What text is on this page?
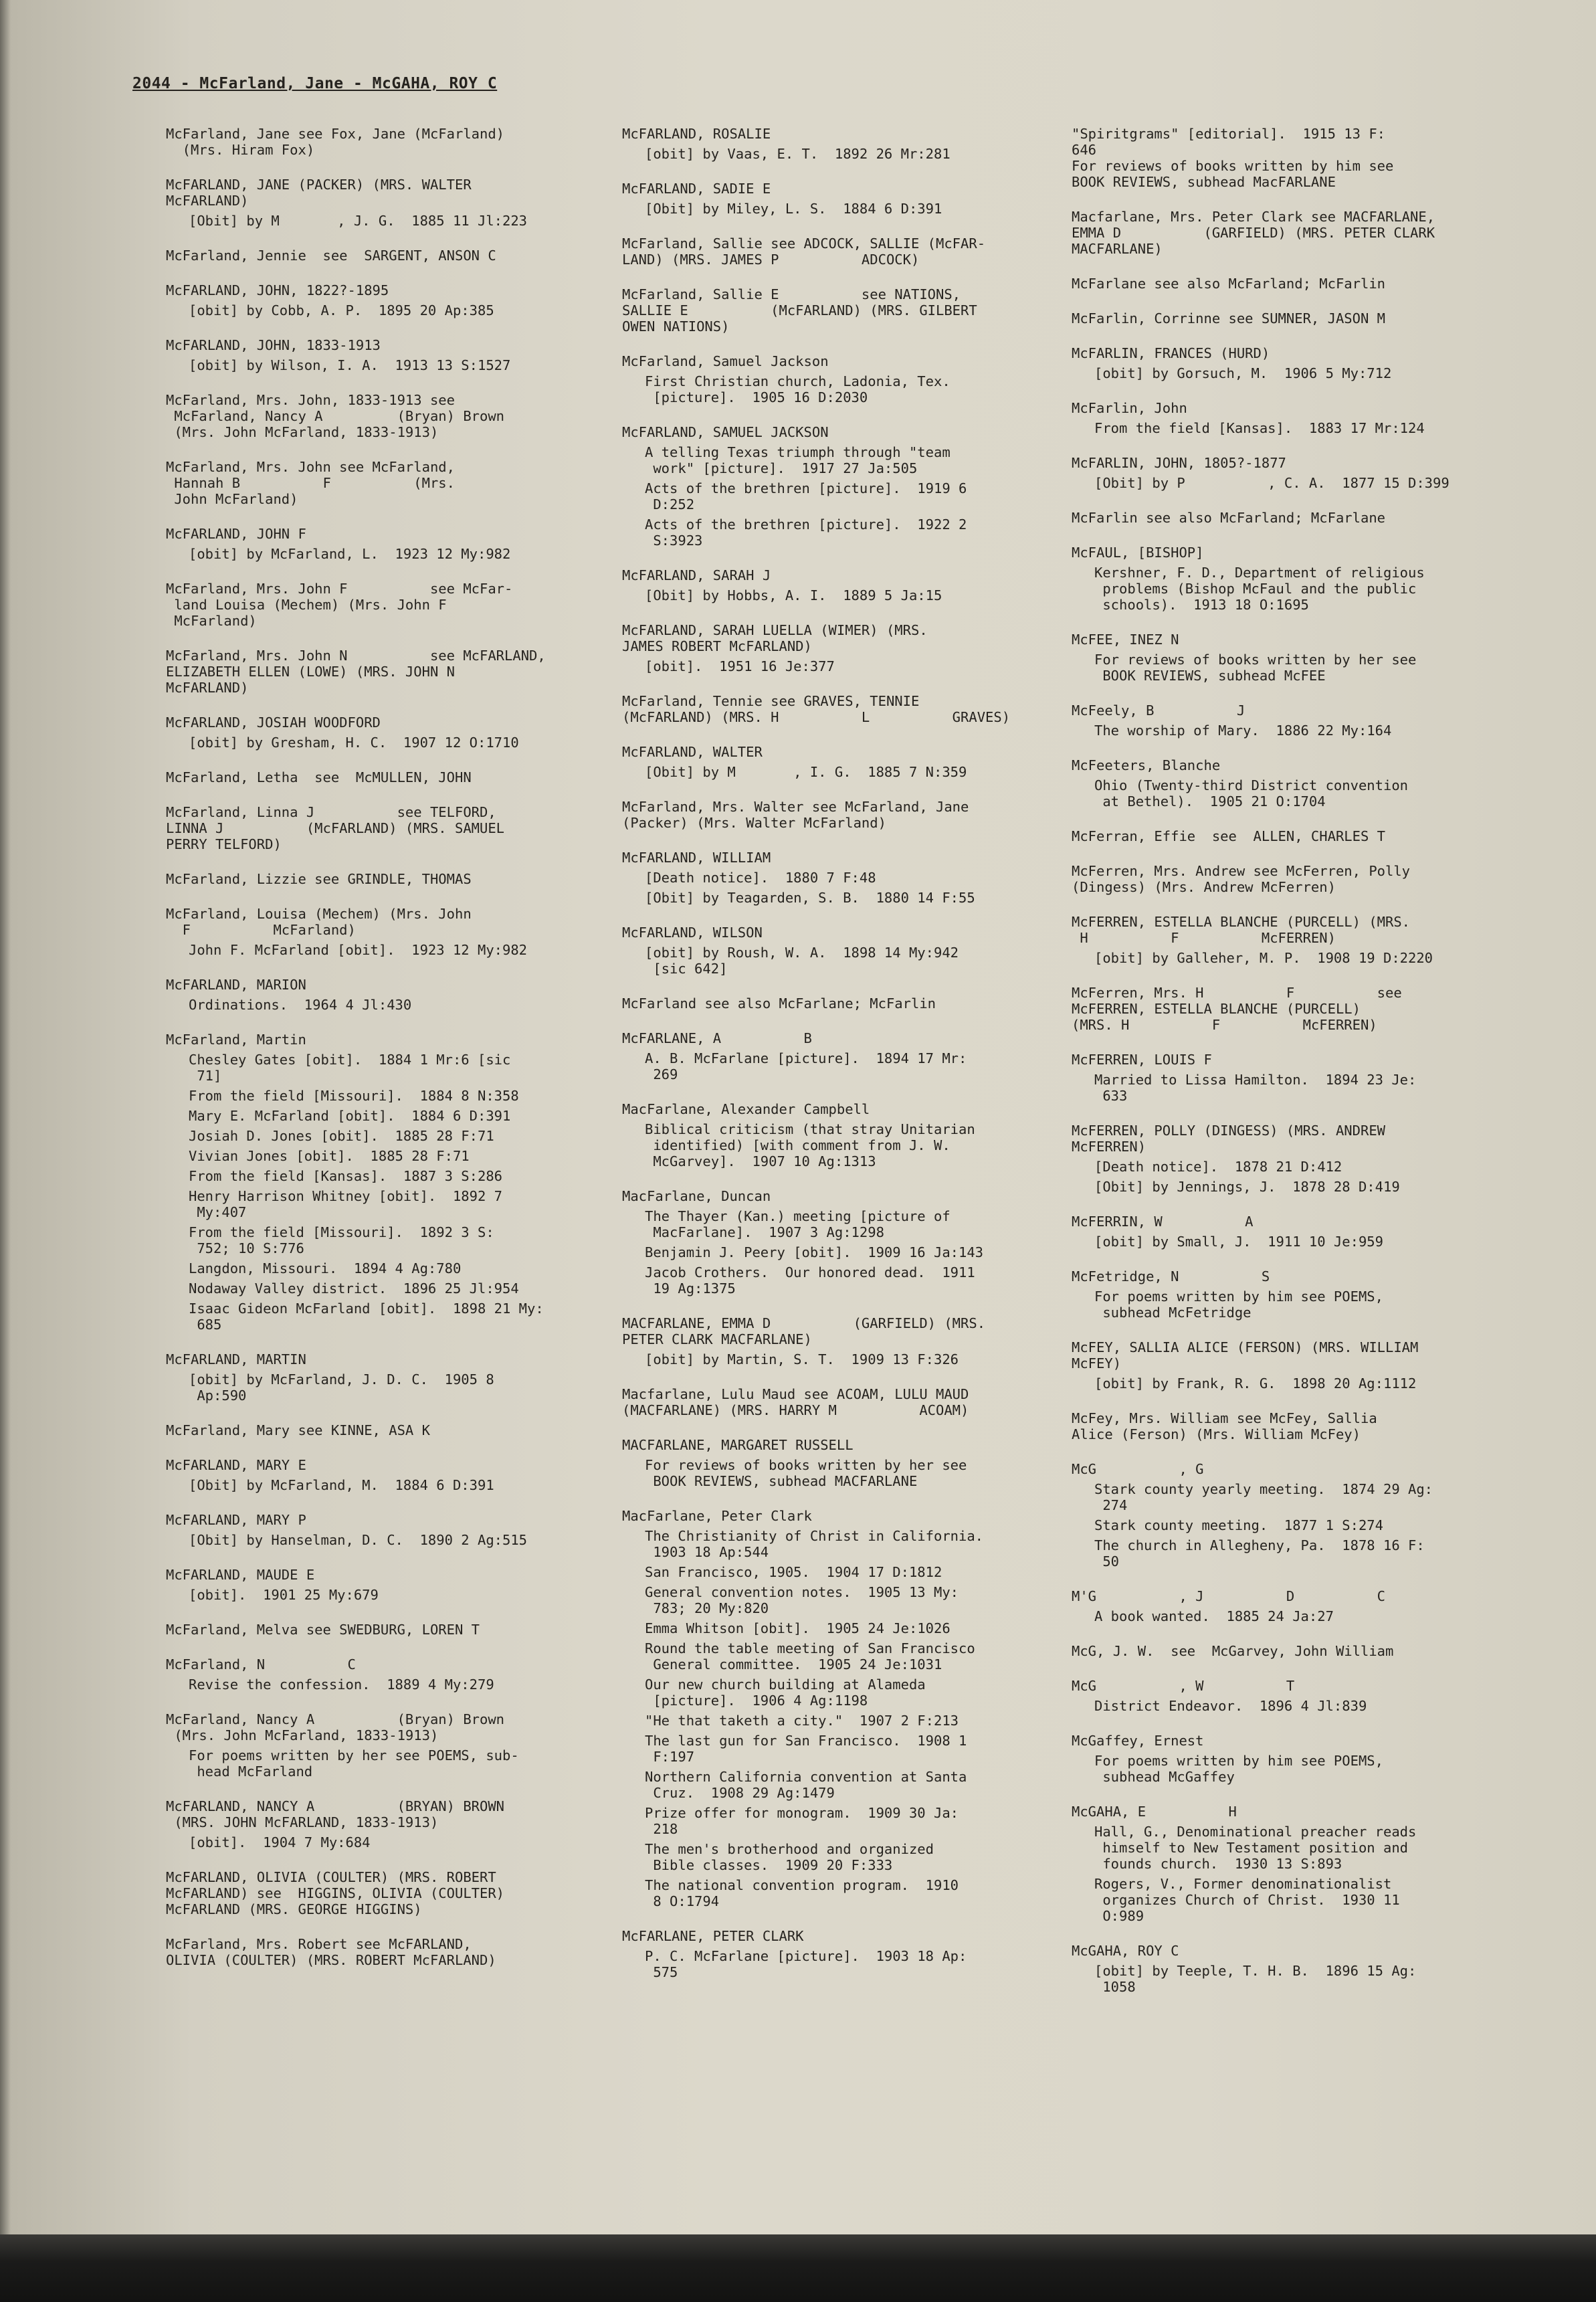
2044 - McFarland, Jane - McGAHA, ROY C

McFarland, Jane see Fox, Jane (McFarland)
(Mrs. Hiram Fox)

McFARLAND, JANE (PACKER) (MRS. WALTER
McFARLAND)

[Obit] by M       , J. G.  1885 11 Jl:223

McFarland, Jennie  see  SARGENT, ANSON C

McFARLAND, JOHN, 1822?-1895

[obit] by Cobb, A. P.  1895 20 Ap:385

McFARLAND, JOHN, 1833-1913

[obit] by Wilson, I. A.  1913 13 S:1527

McFarland, Mrs. John, 1833-1913 see
McFarland, Nancy A         (Bryan) Brown
(Mrs. John McFarland, 1833-1913)

McFarland, Mrs. John see McFarland,
Hannah B          F          (Mrs.
John McFarland)

McFARLAND, JOHN F

[obit] by McFarland, L.  1923 12 My:982

McFarland, Mrs. John F          see McFar-
land Louisa (Mechem) (Mrs. John F
McFarland)

McFarland, Mrs. John N          see McFARLAND,
ELIZABETH ELLEN (LOWE) (MRS. JOHN N
McFARLAND)

McFARLAND, JOSIAH WOODFORD

[obit] by Gresham, H. C.  1907 12 O:1710

McFarland, Letha  see  McMULLEN, JOHN

McFarland, Linna J          see TELFORD,
LINNA J          (McFARLAND) (MRS. SAMUEL
PERRY TELFORD)

McFarland, Lizzie see GRINDLE, THOMAS

McFarland, Louisa (Mechem) (Mrs. John
F          McFarland)

John F. McFarland [obit].  1923 12 My:982

McFARLAND, MARION

Ordinations.  1964 4 Jl:430

McFarland, Martin

Chesley Gates [obit].  1884 1 Mr:6 [sic
71]

From the field [Missouri].  1884 8 N:358

Mary E. McFarland [obit].  1884 6 D:391

Josiah D. Jones [obit].  1885 28 F:71

Vivian Jones [obit].  1885 28 F:71

From the field [Kansas].  1887 3 S:286

Henry Harrison Whitney [obit].  1892 7
My:407

From the field [Missouri].  1892 3 S:
752; 10 S:776

Langdon, Missouri.  1894 4 Ag:780

Nodaway Valley district.  1896 25 Jl:954

Isaac Gideon McFarland [obit].  1898 21 My:
685

McFARLAND, MARTIN

[obit] by McFarland, J. D. C.  1905 8
Ap:590

McFarland, Mary see KINNE, ASA K

McFARLAND, MARY E

[Obit] by McFarland, M.  1884 6 D:391

McFARLAND, MARY P

[Obit] by Hanselman, D. C.  1890 2 Ag:515

McFARLAND, MAUDE E

[obit].  1901 25 My:679

McFarland, Melva see SWEDBURG, LOREN T

McFarland, N          C

Revise the confession.  1889 4 My:279

McFarland, Nancy A          (Bryan) Brown
(Mrs. John McFarland, 1833-1913)

For poems written by her see POEMS, sub-
head McFarland

McFARLAND, NANCY A          (BRYAN) BROWN
(MRS. JOHN McFARLAND, 1833-1913)

[obit].  1904 7 My:684

McFARLAND, OLIVIA (COULTER) (MRS. ROBERT
McFARLAND) see  HIGGINS, OLIVIA (COULTER)
McFARLAND (MRS. GEORGE HIGGINS)

McFarland, Mrs. Robert see McFARLAND,
OLIVIA (COULTER) (MRS. ROBERT McFARLAND)

McFARLAND, ROSALIE

[obit] by Vaas, E. T.  1892 26 Mr:281

McFARLAND, SADIE E

[Obit] by Miley, L. S.  1884 6 D:391

McFarland, Sallie see ADCOCK, SALLIE (McFAR-
LAND) (MRS. JAMES P          ADCOCK)

McFarland, Sallie E          see NATIONS,
SALLIE E          (McFARLAND) (MRS. GILBERT
OWEN NATIONS)

McFarland, Samuel Jackson

First Christian church, Ladonia, Tex.
[picture].  1905 16 D:2030

McFARLAND, SAMUEL JACKSON

A telling Texas triumph through "team
work" [picture].  1917 27 Ja:505

Acts of the brethren [picture].  1919 6
D:252

Acts of the brethren [picture].  1922 2
S:3923

McFARLAND, SARAH J

[Obit] by Hobbs, A. I.  1889 5 Ja:15

McFARLAND, SARAH LUELLA (WIMER) (MRS.
JAMES ROBERT McFARLAND)

[obit].  1951 16 Je:377

McFarland, Tennie see GRAVES, TENNIE
(McFARLAND) (MRS. H          L          GRAVES)

McFARLAND, WALTER

[Obit] by M       , I. G.  1885 7 N:359

McFarland, Mrs. Walter see McFarland, Jane
(Packer) (Mrs. Walter McFarland)

McFARLAND, WILLIAM

[Death notice].  1880 7 F:48

[Obit] by Teagarden, S. B.  1880 14 F:55

McFARLAND, WILSON

[obit] by Roush, W. A.  1898 14 My:942
[sic 642]

McFarland see also McFarlane; McFarlin

McFARLANE, A          B

A. B. McFarlane [picture].  1894 17 Mr:
269

MacFarlane, Alexander Campbell

Biblical criticism (that stray Unitarian
identified) [with comment from J. W.
McGarvey].  1907 10 Ag:1313

MacFarlane, Duncan

The Thayer (Kan.) meeting [picture of
MacFarlane].  1907 3 Ag:1298

Benjamin J. Peery [obit].  1909 16 Ja:143

Jacob Crothers.  Our honored dead.  1911
19 Ag:1375

MACFARLANE, EMMA D          (GARFIELD) (MRS.
PETER CLARK MACFARLANE)

[obit] by Martin, S. T.  1909 13 F:326

Macfarlane, Lulu Maud see ACOAM, LULU MAUD
(MACFARLANE) (MRS. HARRY M          ACOAM)

MACFARLANE, MARGARET RUSSELL

For reviews of books written by her see
BOOK REVIEWS, subhead MACFARLANE

MacFarlane, Peter Clark

The Christianity of Christ in California.
1903 18 Ap:544

San Francisco, 1905.  1904 17 D:1812

General convention notes.  1905 13 My:
783; 20 My:820

Emma Whitson [obit].  1905 24 Je:1026

Round the table meeting of San Francisco
General committee.  1905 24 Je:1031

Our new church building at Alameda
[picture].  1906 4 Ag:1198

"He that taketh a city."  1907 2 F:213

The last gun for San Francisco.  1908 1
F:197

Northern California convention at Santa
Cruz.  1908 29 Ag:1479

Prize offer for monogram.  1909 30 Ja:
218

The men's brotherhood and organized
Bible classes.  1909 20 F:333

The national convention program.  1910
8 O:1794

McFARLANE, PETER CLARK

P. C. McFarlane [picture].  1903 18 Ap:
575

"Spiritgrams" [editorial].  1915 13 F:
646
For reviews of books written by him see
BOOK REVIEWS, subhead MacFARLANE

Macfarlane, Mrs. Peter Clark see MACFARLANE,
EMMA D          (GARFIELD) (MRS. PETER CLARK
MACFARLANE)

McFarlane see also McFarland; McFarlin

McFarlin, Corrinne see SUMNER, JASON M

McFARLIN, FRANCES (HURD)

[obit] by Gorsuch, M.  1906 5 My:712

McFarlin, John

From the field [Kansas].  1883 17 Mr:124

McFARLIN, JOHN, 1805?-1877

[Obit] by P          , C. A.  1877 15 D:399

McFarlin see also McFarland; McFarlane

McFAUL, [BISHOP]

Kershner, F. D., Department of religious
problems (Bishop McFaul and the public
schools).  1913 18 O:1695

McFEE, INEZ N

For reviews of books written by her see
BOOK REVIEWS, subhead McFEE

McFeely, B          J

The worship of Mary.  1886 22 My:164

McFeeters, Blanche

Ohio (Twenty-third District convention
at Bethel).  1905 21 O:1704

McFerran, Effie  see  ALLEN, CHARLES T

McFerren, Mrs. Andrew see McFerren, Polly
(Dingess) (Mrs. Andrew McFerren)

McFERREN, ESTELLA BLANCHE (PURCELL) (MRS.
H          F          McFERREN)

[obit] by Galleher, M. P.  1908 19 D:2220

McFerren, Mrs. H          F          see
McFERREN, ESTELLA BLANCHE (PURCELL)
(MRS. H          F          McFERREN)

McFERREN, LOUIS F

Married to Lissa Hamilton.  1894 23 Je:
633

McFERREN, POLLY (DINGESS) (MRS. ANDREW
McFERREN)

[Death notice].  1878 21 D:412

[Obit] by Jennings, J.  1878 28 D:419

McFERRIN, W          A

[obit] by Small, J.  1911 10 Je:959

McFetridge, N          S

For poems written by him see POEMS,
subhead McFetridge

McFEY, SALLIA ALICE (FERSON) (MRS. WILLIAM
McFEY)

[obit] by Frank, R. G.  1898 20 Ag:1112

McFey, Mrs. William see McFey, Sallia
Alice (Ferson) (Mrs. William McFey)

McG          , G

Stark county yearly meeting.  1874 29 Ag:
274

Stark county meeting.  1877 1 S:274

The church in Allegheny, Pa.  1878 16 F:
50

M'G          , J          D          C

A book wanted.  1885 24 Ja:27

McG, J. W.  see  McGarvey, John William

McG          , W          T

District Endeavor.  1896 4 Jl:839

McGaffey, Ernest

For poems written by him see POEMS,
subhead McGaffey

McGAHA, E          H

Hall, G., Denominational preacher reads
himself to New Testament position and
founds church.  1930 13 S:893

Rogers, V., Former denominationalist
organizes Church of Christ.  1930 11
O:989

McGAHA, ROY C

[obit] by Teeple, T. H. B.  1896 15 Ag:
1058
